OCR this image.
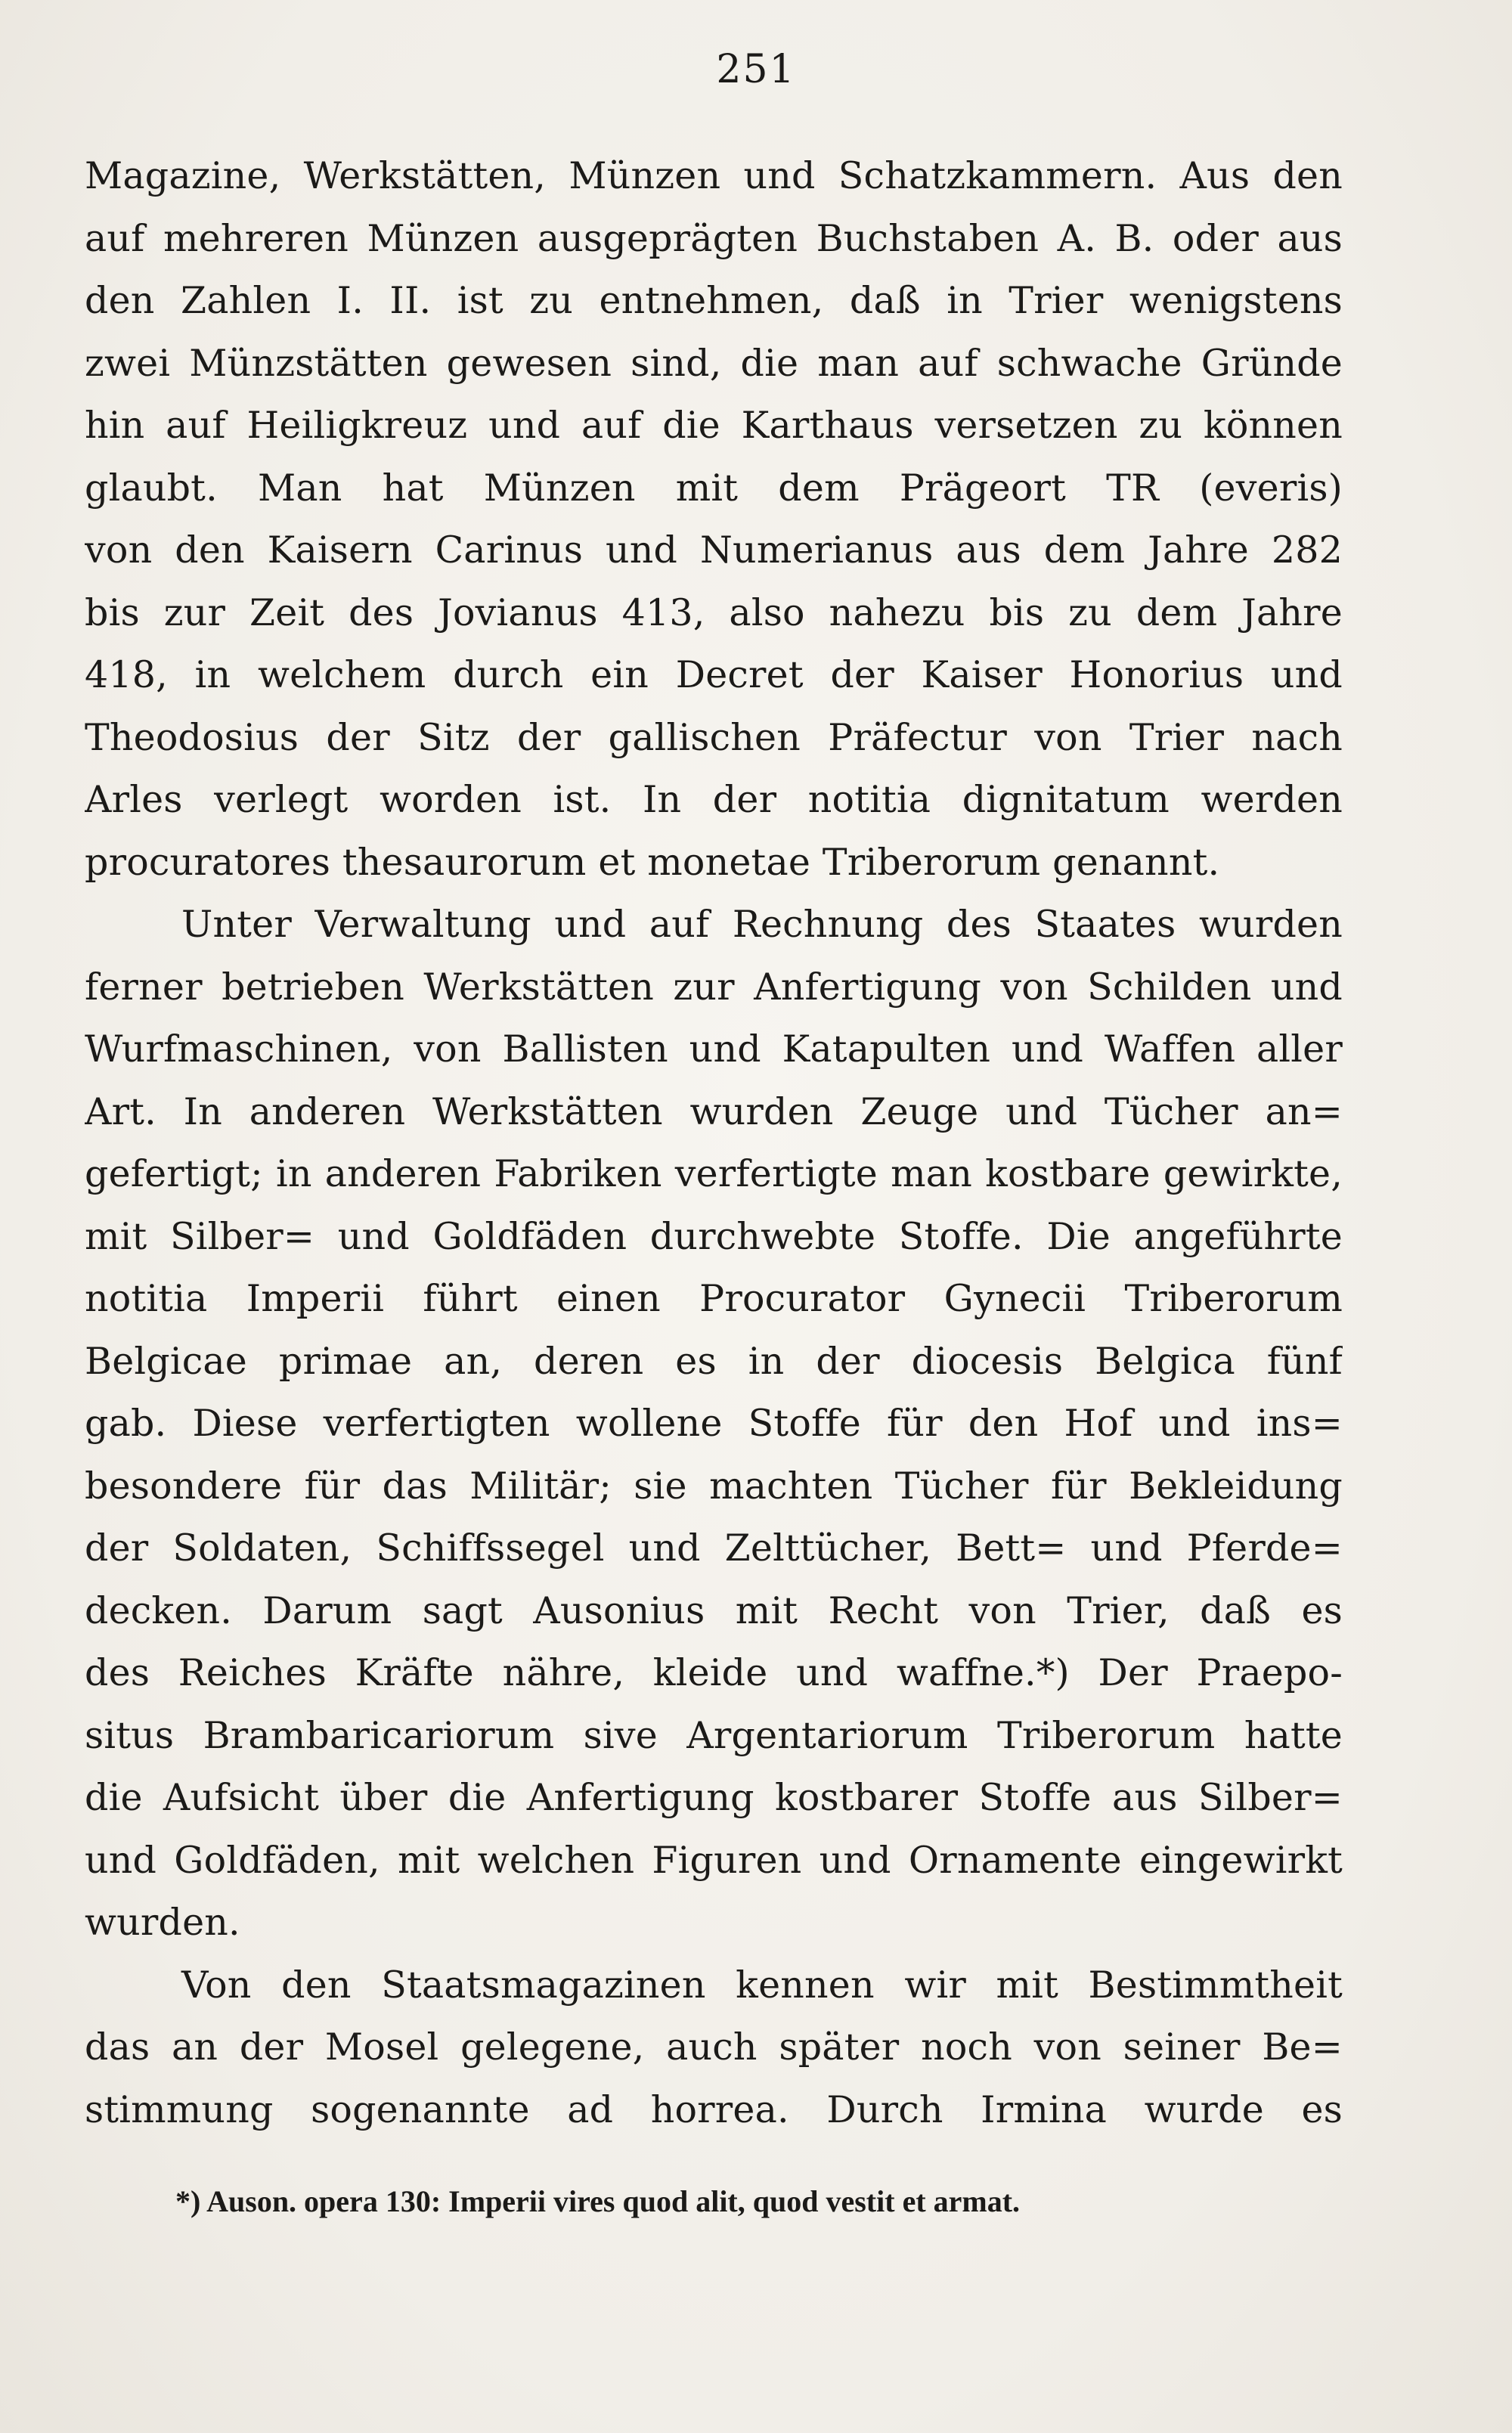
251
Magazine, Werkstätten, Münzen und Schatzkammern. Aus den
auf mehreren Münzen ausgeprägten Buchstaben A. B. oder aus
den Zahlen I. II. ist zu entnehmen, daß in Trier wenigstens
zwei Münzstätten gewesen sind, die man auf schwache Gründe
hin auf Heiligkreuz und auf die Karthaus versetzen zu können
glaubt. Man hat Münzen mit dem Prägeort TR (everis)
von den Kaisern Carinus und Numerianus aus dem Jahre 282
bis zur Zeit des Jovianus 413, also nahezu bis zu dem Jahre
418, in welchem durch ein Decret der Kaiser Honorius und
Theodosius der Sitz der gallischen Präfectur von Trier nach
Arles verlegt worden ist. In der notitia dignitatum werden
procuratores thesaurorum et monetae Triberorum genannt.
Unter Verwaltung und auf Rechnung des Staates wurden
ferner betrieben Werkstätten zur Anfertigung von Schilden und
Wurfmaschinen, von Ballisten und Katapulten und Waffen aller
Art. In anderen Werkstätten wurden Zeuge und Tücher an=
gefertigt; in anderen Fabriken verfertigte man kostbare gewirkte,
mit Silber= und Goldfäden durchwebte Stoffe. Die angeführte
notitia Imperii führt einen Procurator Gynecii Triberorum
Belgicae primae an, deren es in der diocesis Belgica fünf
gab. Diese verfertigten wollene Stoffe für den Hof und ins=
besondere für das Militär; sie machten Tücher für Bekleidung
der Soldaten, Schiffssegel und Zelttücher, Bett= und Pferde=
decken. Darum sagt Ausonius mit Recht von Trier, daß es
des Reiches Kräfte nähre, kleide und waffne.*) Der Praepo-
situs Brambaricariorum sive Argentariorum Triberorum hatte
die Aufsicht über die Anfertigung kostbarer Stoffe aus Silber=
und Goldfäden, mit welchen Figuren und Ornamente eingewirkt
wurden.
Von den Staatsmagazinen kennen wir mit Bestimmtheit
das an der Mosel gelegene, auch später noch von seiner Be=
stimmung sogenannte ad horrea. Durch Irmina wurde es
*) Auson. opera 130: Imperii vires quod alit, quod vestit et armat.
